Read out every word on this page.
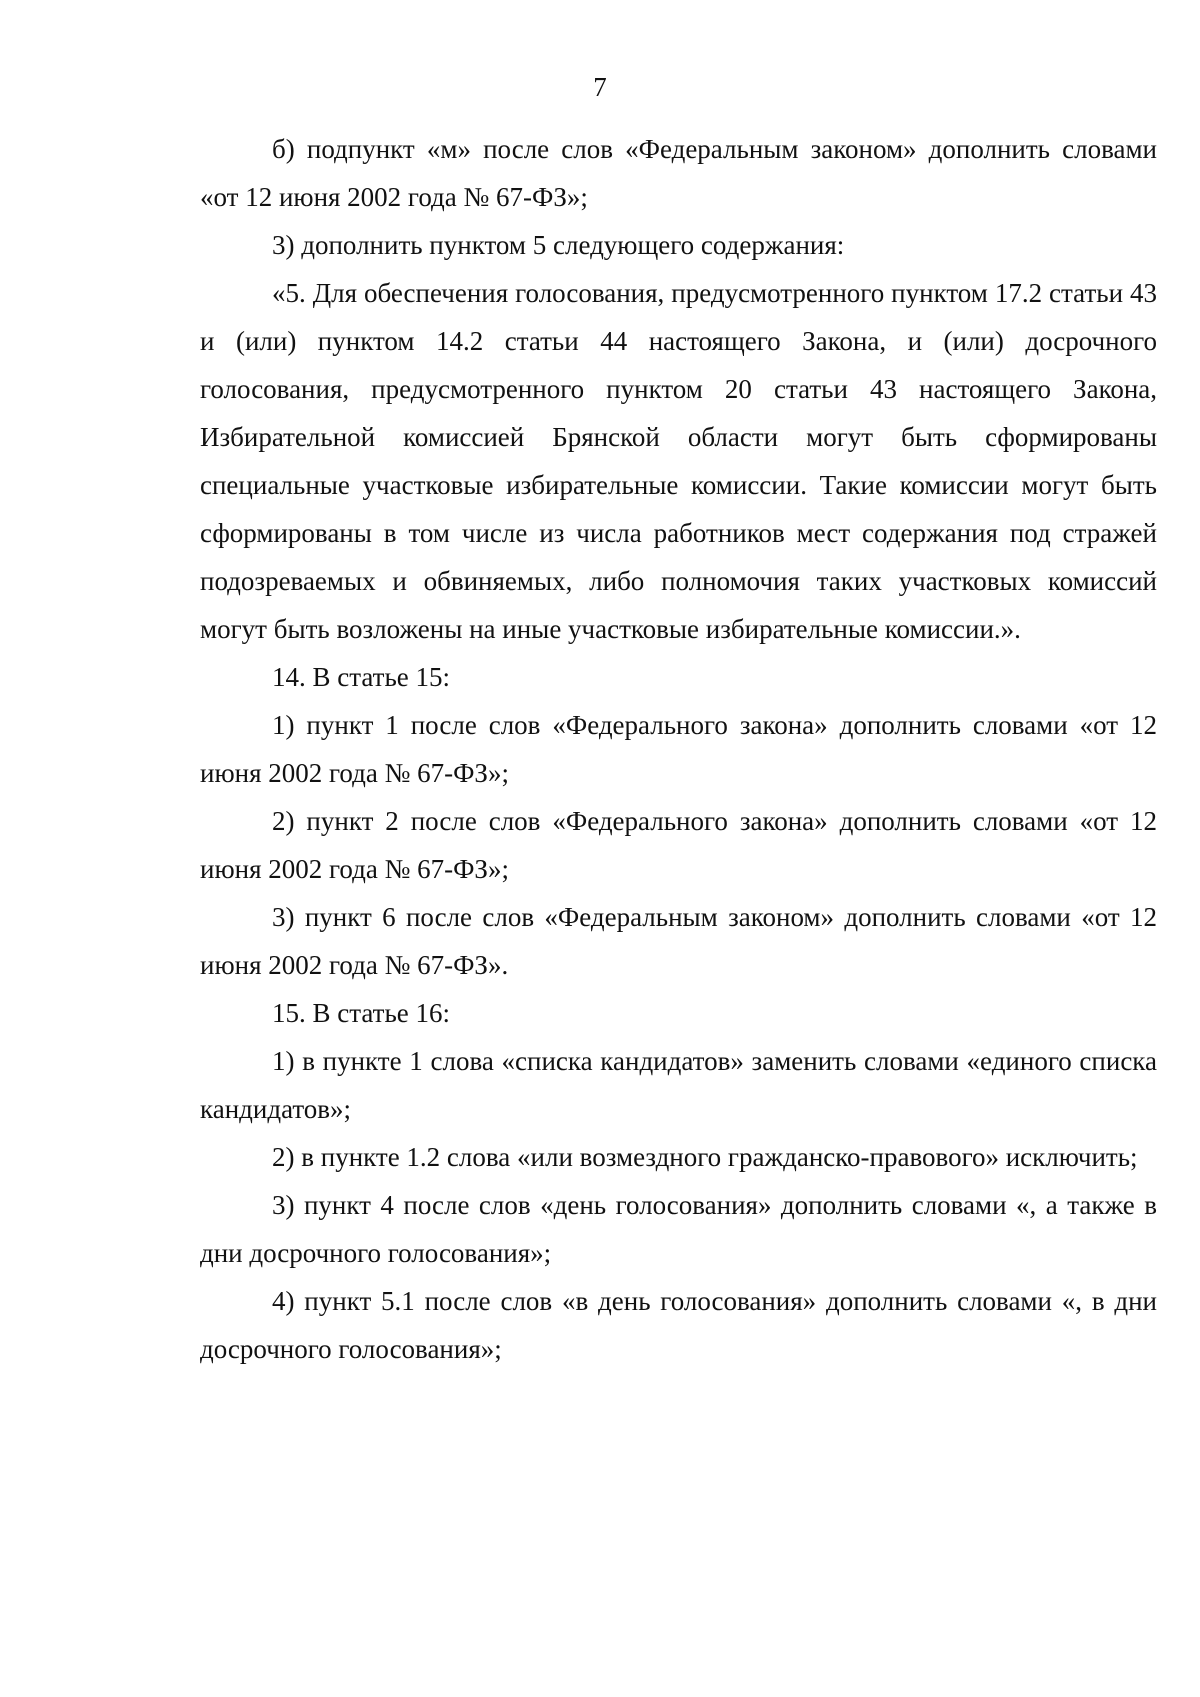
7

б) подпункт «м» после слов «Федеральным законом» дополнить словами «от 12 июня 2002 года № 67-ФЗ»;

3) дополнить пунктом 5 следующего содержания:

«5. Для обеспечения голосования, предусмотренного пунктом 17.2 статьи 43 и (или) пунктом 14.2 статьи 44 настоящего Закона, и (или) досрочного голосования, предусмотренного пунктом 20 статьи 43 настоящего Закона, Избирательной комиссией Брянской области могут быть сформированы специальные участковые избирательные комиссии. Такие комиссии могут быть сформированы в том числе из числа работников мест содержания под стражей подозреваемых и обвиняемых, либо полномочия таких участковых комиссий могут быть возложены на иные участковые избирательные комиссии.».

14. В статье 15:

1) пункт 1 после слов «Федерального закона» дополнить словами «от 12 июня 2002 года № 67-ФЗ»;

2) пункт 2 после слов «Федерального закона» дополнить словами «от 12 июня 2002 года № 67-ФЗ»;

3) пункт 6 после слов «Федеральным законом» дополнить словами «от 12 июня 2002 года № 67-ФЗ».

15. В статье 16:

1) в пункте 1 слова «списка кандидатов» заменить словами «единого списка кандидатов»;

2) в пункте 1.2 слова «или возмездного гражданско-правового» исключить;

3) пункт 4 после слов «день голосования» дополнить словами «, а также в дни досрочного голосования»;

4) пункт 5.1 после слов «в день голосования» дополнить словами «, в дни досрочного голосования»;
